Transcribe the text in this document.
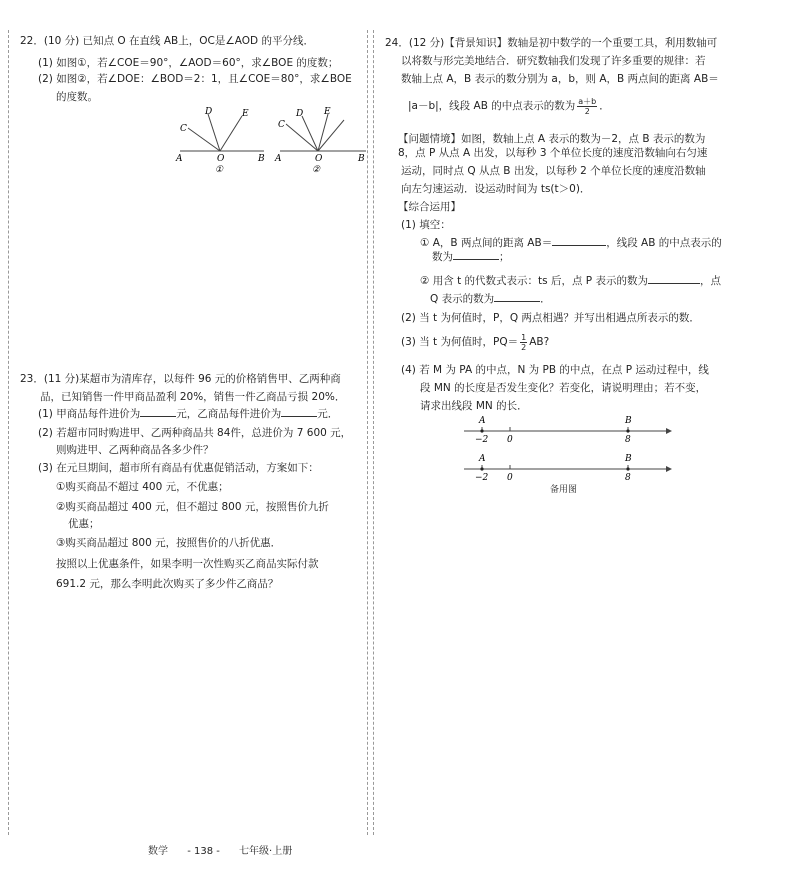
22．(10 分) 已知点 O 在直线 AB上，OC是∠AOD 的平分线．
(1) 如图①，若∠COE＝90°，∠AOD＝60°，求∠BOE 的度数；
(2) 如图②，若∠DOE：∠BOD＝2：1，且∠COE＝80°，求∠BOE
的度数。
A	O	B
C
D	E
①
A	O	B
C
D E
②
23．(11 分)某超市为清库存，以每件 96 元的价格销售甲、乙两种商
品，已知销售一件甲商品盈利 20%，销售一件乙商品亏损 20%．
(1) 甲商品每件进价为	元，乙商品每件进价为	元．
(2) 若超市同时购进甲、乙两种商品共 84件，总进价为 7 600 元，
则购进甲、乙两种商品各多少件？
(3) 在元旦期间，超市所有商品有优惠促销活动，方案如下：
①购买商品不超过 400 元，不优惠；
②购买商品超过 400 元，但不超过 800 元，按照售价九折
优惠；
③购买商品超过 800 元，按照售价的八折优惠．
按照以上优惠条件，如果李明一次性购买乙商品实际付款
691.2 元，那么李明此次购买了多少件乙商品？
24．(12 分)【背景知识】数轴是初中数学的一个重要工具，利用数轴可
以将数与形完美地结合．研究数轴我们发现了许多重要的规律：若
数轴上点 A，B 表示的数分别为 a，b，则 A，B 两点间的距离 AB＝
|a－b|，线段 AB 的中点表示的数为 $\frac{a+b}{2}$ ．
【问题情境】如图，数轴上点 A 表示的数为－2，点 B 表示的数为
8，点 P 从点 A 出发，以每秒 3 个单位长度的速度沿数轴向右匀速
运动，同时点 Q 从点 B 出发，以每秒 2 个单位长度的速度沿数轴
向左匀速运动．设运动时间为 ts(t＞0)．
【综合运用】
(1) 填空：
① A，B 两点间的距离 AB＝	，线段 AB 的中点表示的
数为	；
② 用含 t 的代数式表示：ts 后，点 P 表示的数为	，点
Q 表示的数为	．
(2) 当 t 为何值时，P，Q 两点相遇？并写出相遇点所表示的数．
(3) 当 t 为何值时，$PQ= \frac{1}{2}$ AB?
(4) 若 M 为 PA 的中点，N 为 PB 的中点，在点 P 运动过程中，线
段 MN 的长度是否发生变化？若变化，请说明理由；若不变，
请求出线段 MN 的长．
A	B
−2 0	8
A	B
−2 0	8
备用图
数学 - 138 - 七年级·上册
